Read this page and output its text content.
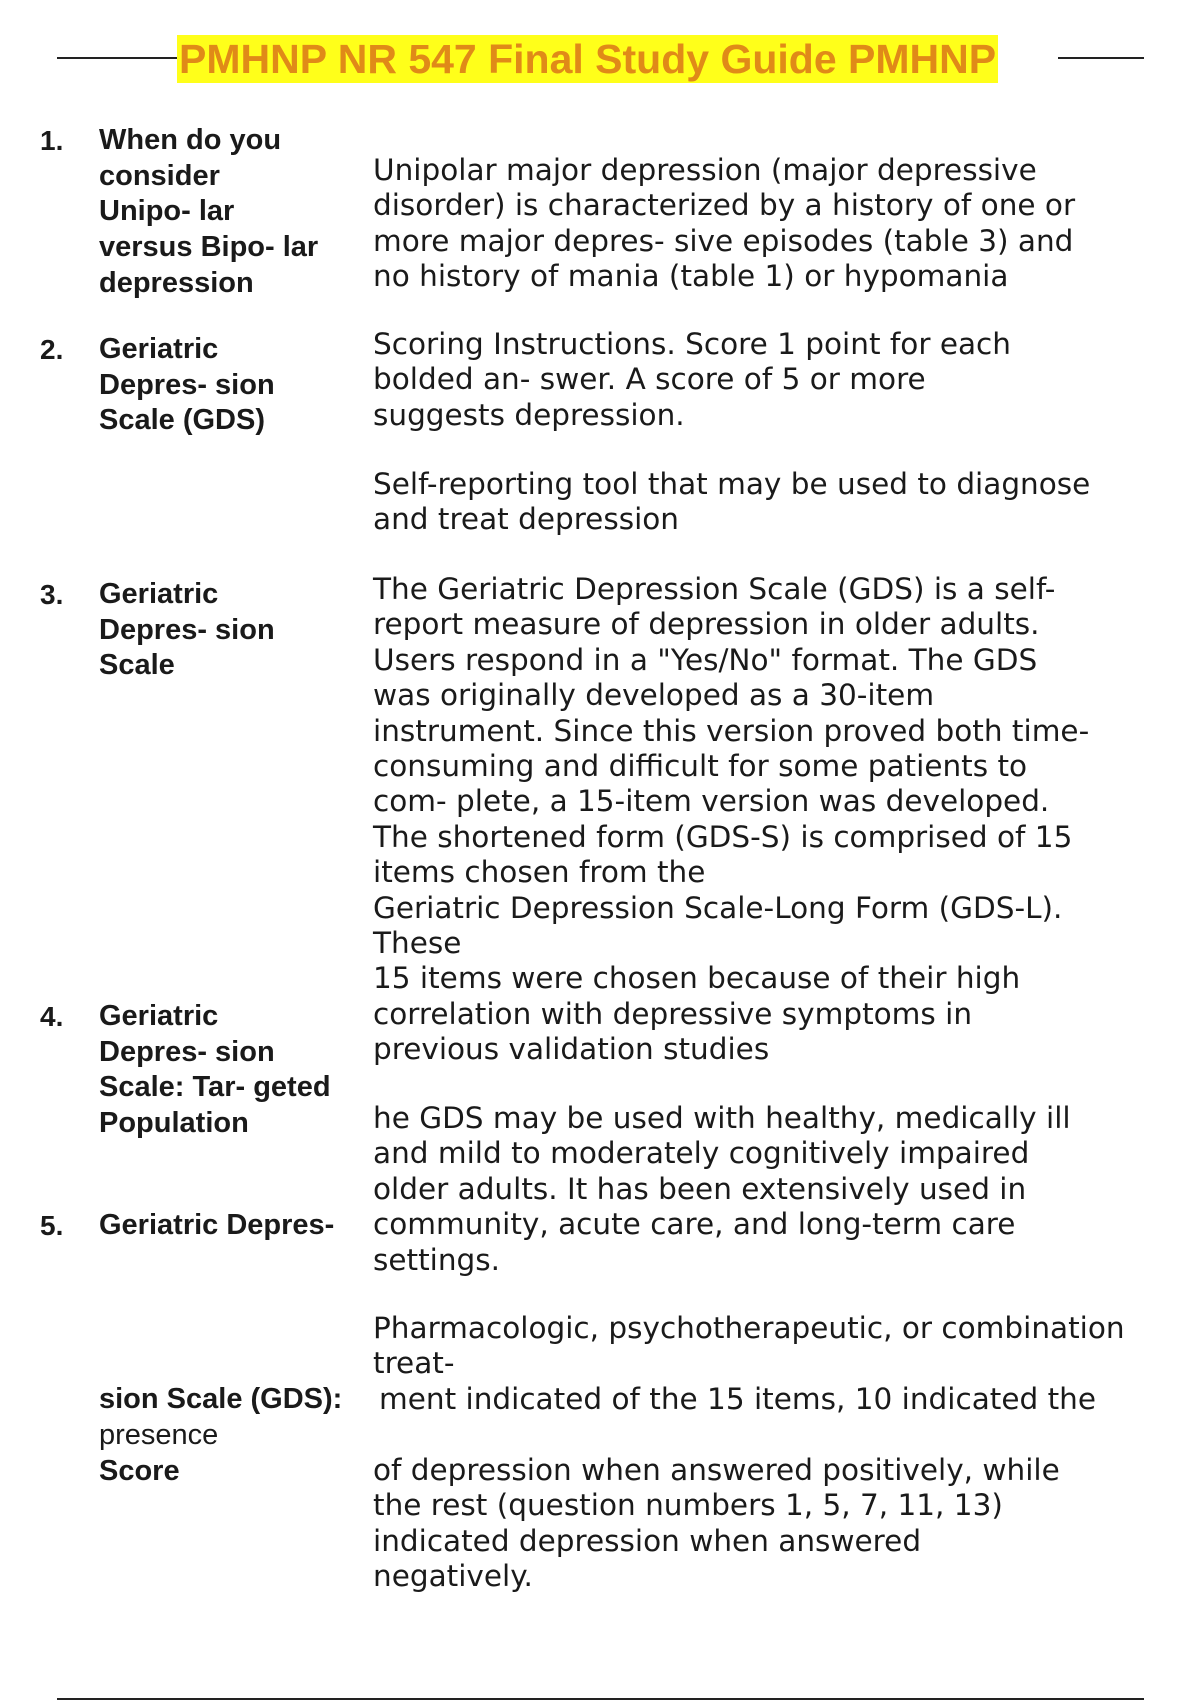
PMHNP NR 547 Final Study Guide PMHNP
1. When do you
consider
Unipo- lar
versus Bipo- lar
depression
Unipolar major depression (major depressive
disorder) is characterized by a history of one or
more major depres- sive episodes (table 3) and
no history of mania (table 1) or hypomania
2. Geriatric
Depres- sion
Scale (GDS)
Scoring Instructions. Score 1 point for each
bolded an- swer. A score of 5 or more
suggests depression.
Self-reporting tool that may be used to diagnose
and treat depression
3. Geriatric
Depres- sion
Scale
The Geriatric Depression Scale (GDS) is a self-
report measure of depression in older adults.
Users respond in a "Yes/No" format. The GDS
was originally developed as a 30-item
instrument. Since this version proved both time-
consuming and difficult for some patients to
com- plete, a 15-item version was developed.
The shortened form (GDS-S) is comprised of 15
items chosen from the
Geriatric Depression Scale-Long Form (GDS-L).
These
15 items were chosen because of their high
correlation with depressive symptoms in
previous validation studies
4. Geriatric
Depres- sion
Scale: Tar- geted
Population	he GDS may be used with healthy, medically ill
and mild to moderately cognitively impaired
older adults. It has been extensively used in
community, acute care, and long-term care
settings.
5. Geriatric Depres-
Pharmacologic, psychotherapeutic, or combination
treat-
sion Scale (GDS): ment indicated of the 15 items, 10 indicated the
presence
Score	of depression when answered positively, while
the rest (question numbers 1, 5, 7, 11, 13)
indicated depression when answered
negatively.
